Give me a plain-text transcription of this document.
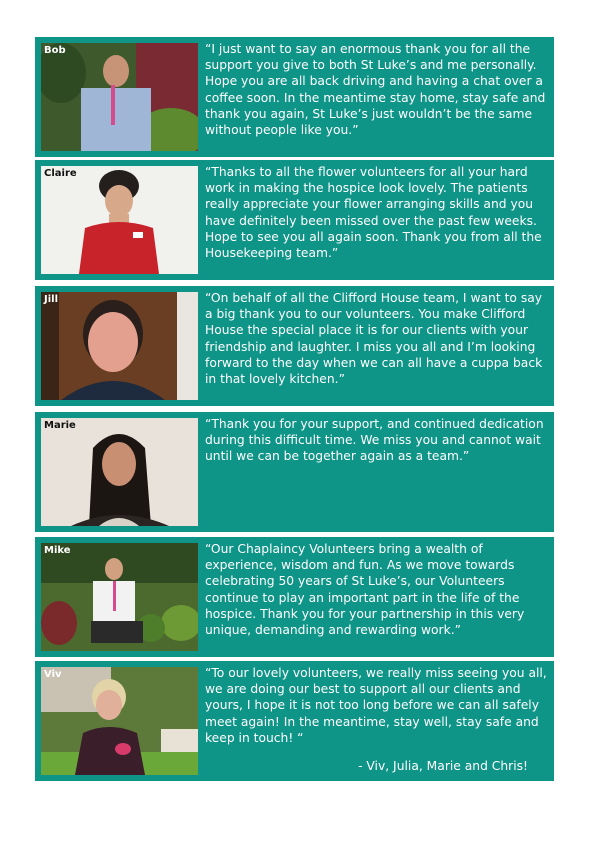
Bob	“I just want to say an enormous thank you for all the support you give to both St Luke’s and me personally. Hope you are all back driving and having a chat over a coffee soon. In the meantime stay home, stay safe and thank you again, St Luke’s just wouldn’t be the same without people like you.”

Claire	“Thanks to all the flower volunteers for all your hard work in making the hospice look lovely. The patients really appreciate your flower arranging skills and you have definitely been missed over the past few weeks. Hope to see you all again soon. Thank you from all the Housekeeping team.”

Jill	“On behalf of all the Clifford House team, I want to say a big thank you to our volunteers. You make Clifford House the special place it is for our clients with your friendship and laughter. I miss you all and I’m looking forward to the day when we can all have a cuppa back in that lovely kitchen.”

Marie	“Thank you for your support, and continued dedication during this difficult time. We miss you and cannot wait until we can be together again as a team.”

Mike	“Our Chaplaincy Volunteers bring a wealth of experience, wisdom and fun. As we move towards celebrating 50 years of St Luke’s, our Volunteers continue to play an important part in the life of the hospice. Thank you for your partnership in this very unique, demanding and rewarding work.”

Viv	“To our lovely volunteers, we really miss seeing you all, we are doing our best to support all our clients and yours, I hope it is not too long before we can all safely meet again! In the meantime, stay well, stay safe and keep in touch! “

- Viv, Julia, Marie and Chris!
